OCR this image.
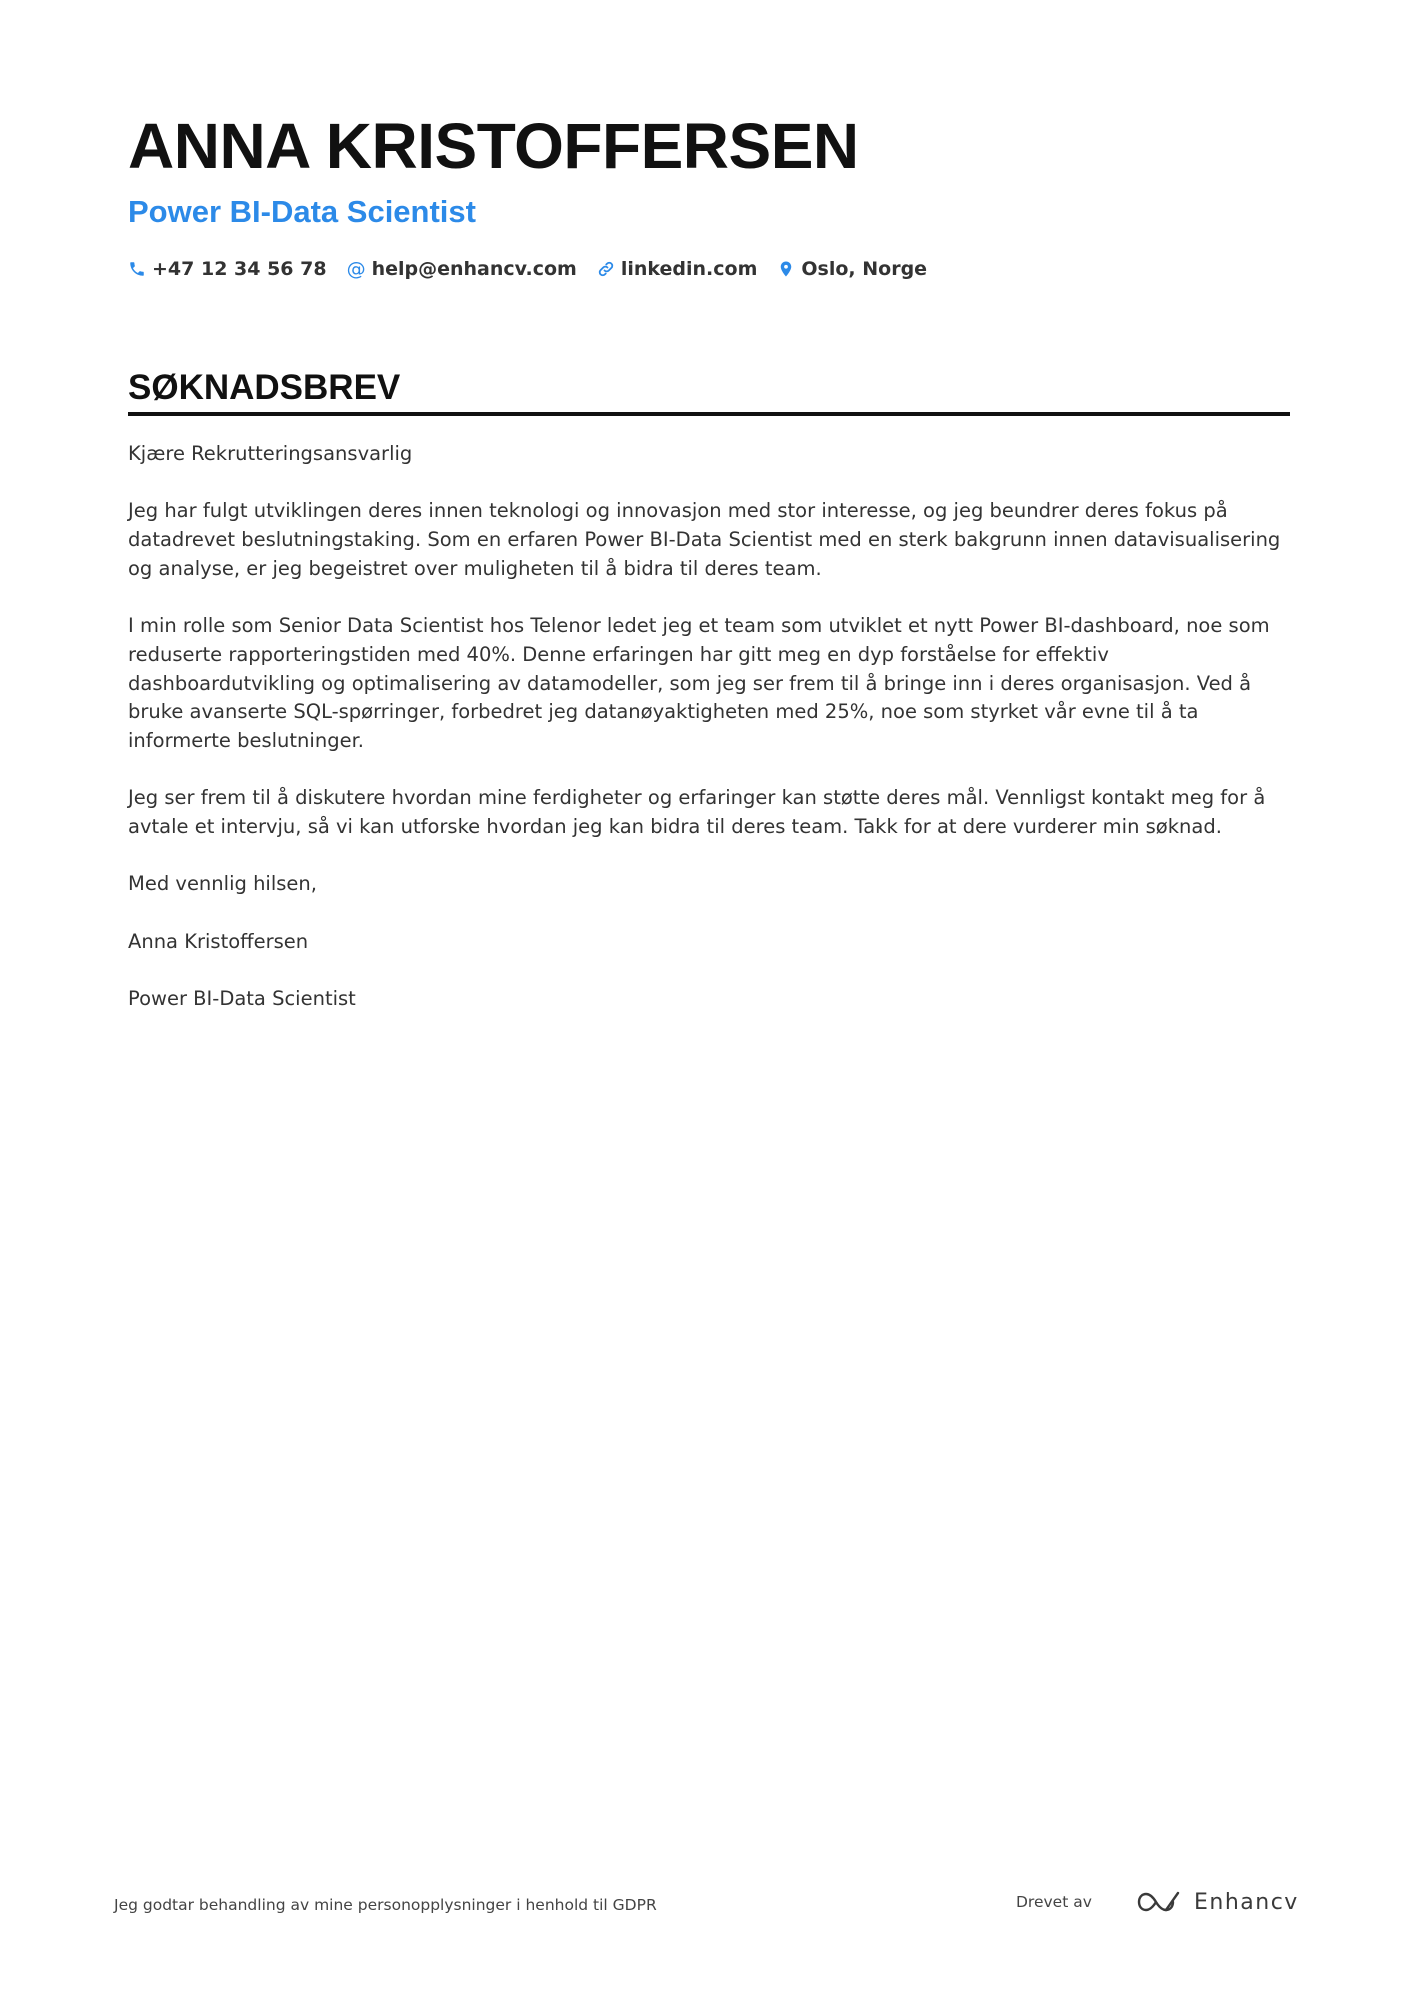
ANNA KRISTOFFERSEN
Power BI-Data Scientist
+47 12 34 56 78 @ help@enhancv.com linkedin.com Oslo, Norge
SØKNADSBREV

Kjære Rekrutteringsansvarlig

Jeg har fulgt utviklingen deres innen teknologi og innovasjon med stor interesse, og jeg beundrer deres fokus på datadrevet beslutningstaking. Som en erfaren Power BI-Data Scientist med en sterk bakgrunn innen datavisualisering og analyse, er jeg begeistret over muligheten til å bidra til deres team.

I min rolle som Senior Data Scientist hos Telenor ledet jeg et team som utviklet et nytt Power BI-dashboard, noe som reduserte rapporteringstiden med 40%. Denne erfaringen har gitt meg en dyp forståelse for effektiv dashboardutvikling og optimalisering av datamodeller, som jeg ser frem til å bringe inn i deres organisasjon. Ved å bruke avanserte SQL-spørringer, forbedret jeg datanøyaktigheten med 25%, noe som styrket vår evne til å ta informerte beslutninger.

Jeg ser frem til å diskutere hvordan mine ferdigheter og erfaringer kan støtte deres mål. Vennligst kontakt meg for å avtale et intervju, så vi kan utforske hvordan jeg kan bidra til deres team. Takk for at dere vurderer min søknad.

Med vennlig hilsen,

Anna Kristoffersen

Power BI-Data Scientist

Jeg godtar behandling av mine personopplysninger i henhold til GDPR	Drevet av	Enhancv
